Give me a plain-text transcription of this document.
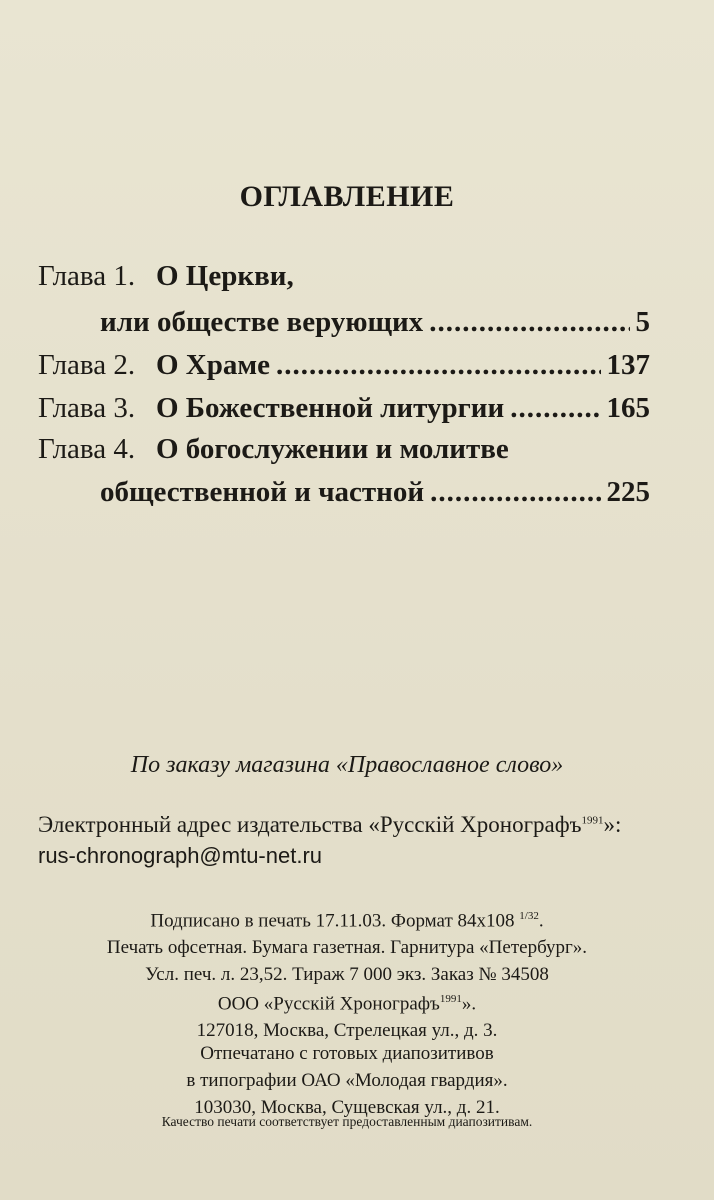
ОГЛАВЛЕНИЕ
Глава 1. О Церкви,
или обществе верующих .....	5
Глава 2. О Храме .....	137
Глава 3. О Божественной литургии .....	165
Глава 4. О богослужении и молитве
общественной и частной .....	225
По заказу магазина «Православное слово»
Электронный адрес издательства «Русскiй Хронографъ$^{1991}$»:
rus-chronograph@mtu-net.ru
Подписано в печать 17.11.03. Формат 84х108 $^{1/32}$.
Печать офсетная. Бумага газетная. Гарнитура «Петербург».
Усл. печ. л. 23,52. Тираж 7 000 экз. Заказ № 34508
ООО «Русскiй Хронографъ$^{1991}$».
127018, Москва, Стрелецкая ул., д. 3.
Отпечатано с готовых диапозитивов
в типографии ОАО «Молодая гвардия».
103030, Москва, Сущевская ул., д. 21.
Качество печати соответствует предоставленным диапозитивам.
